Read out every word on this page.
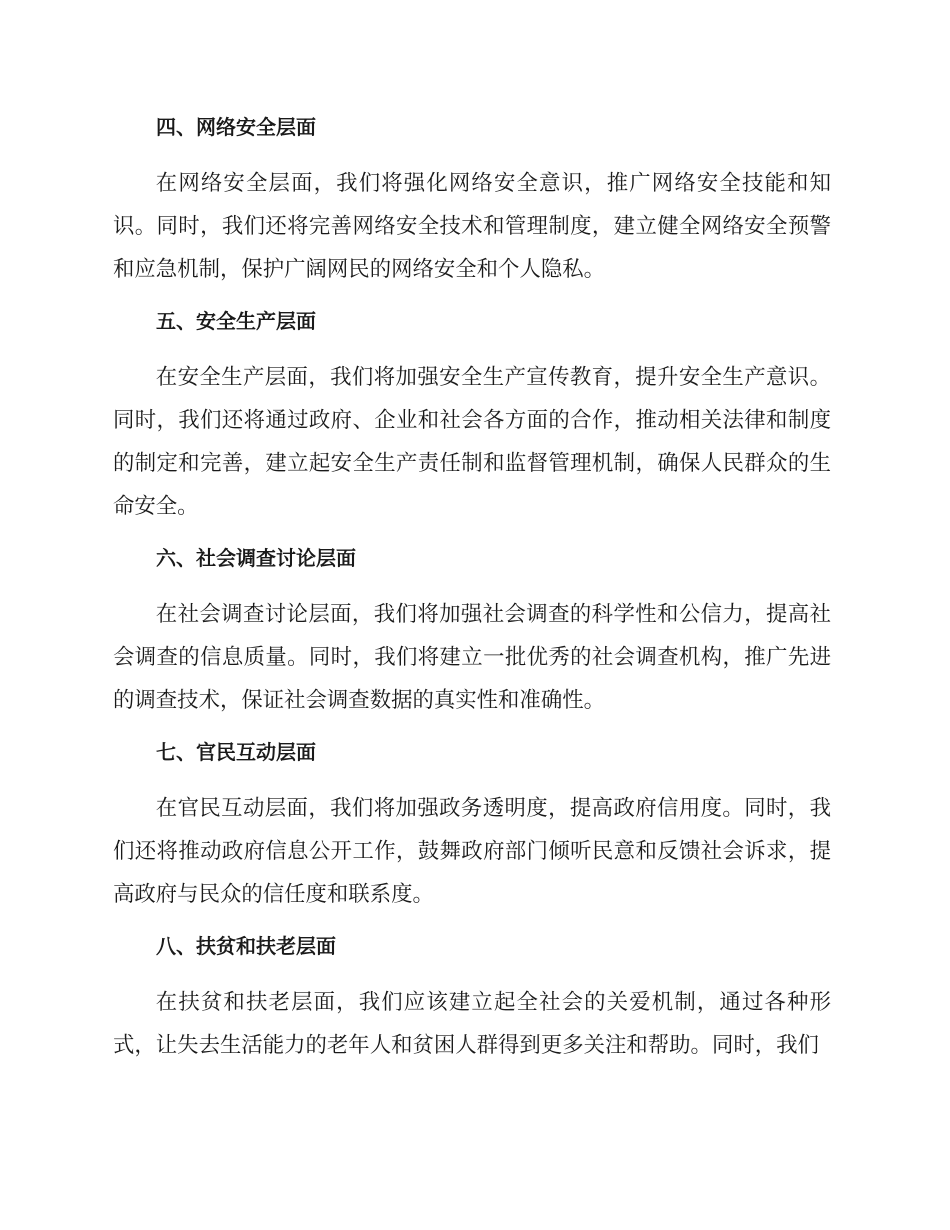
四、网络安全层面

在网络安全层面，我们将强化网络安全意识，推广网络安全技能和知识。同时，我们还将完善网络安全技术和管理制度，建立健全网络安全预警和应急机制，保护广阔网民的网络安全和个人隐私。

五、安全生产层面

在安全生产层面，我们将加强安全生产宣传教育，提升安全生产意识。同时，我们还将通过政府、企业和社会各方面的合作，推动相关法律和制度的制定和完善，建立起安全生产责任制和监督管理机制，确保人民群众的生命安全。

六、社会调查讨论层面

在社会调查讨论层面，我们将加强社会调查的科学性和公信力，提高社会调查的信息质量。同时，我们将建立一批优秀的社会调查机构，推广先进的调查技术，保证社会调查数据的真实性和准确性。

七、官民互动层面

在官民互动层面，我们将加强政务透明度，提高政府信用度。同时，我们还将推动政府信息公开工作，鼓舞政府部门倾听民意和反馈社会诉求，提高政府与民众的信任度和联系度。

八、扶贫和扶老层面

在扶贫和扶老层面，我们应该建立起全社会的关爱机制，通过各种形式，让失去生活能力的老年人和贫困人群得到更多关注和帮助。同时，我们
